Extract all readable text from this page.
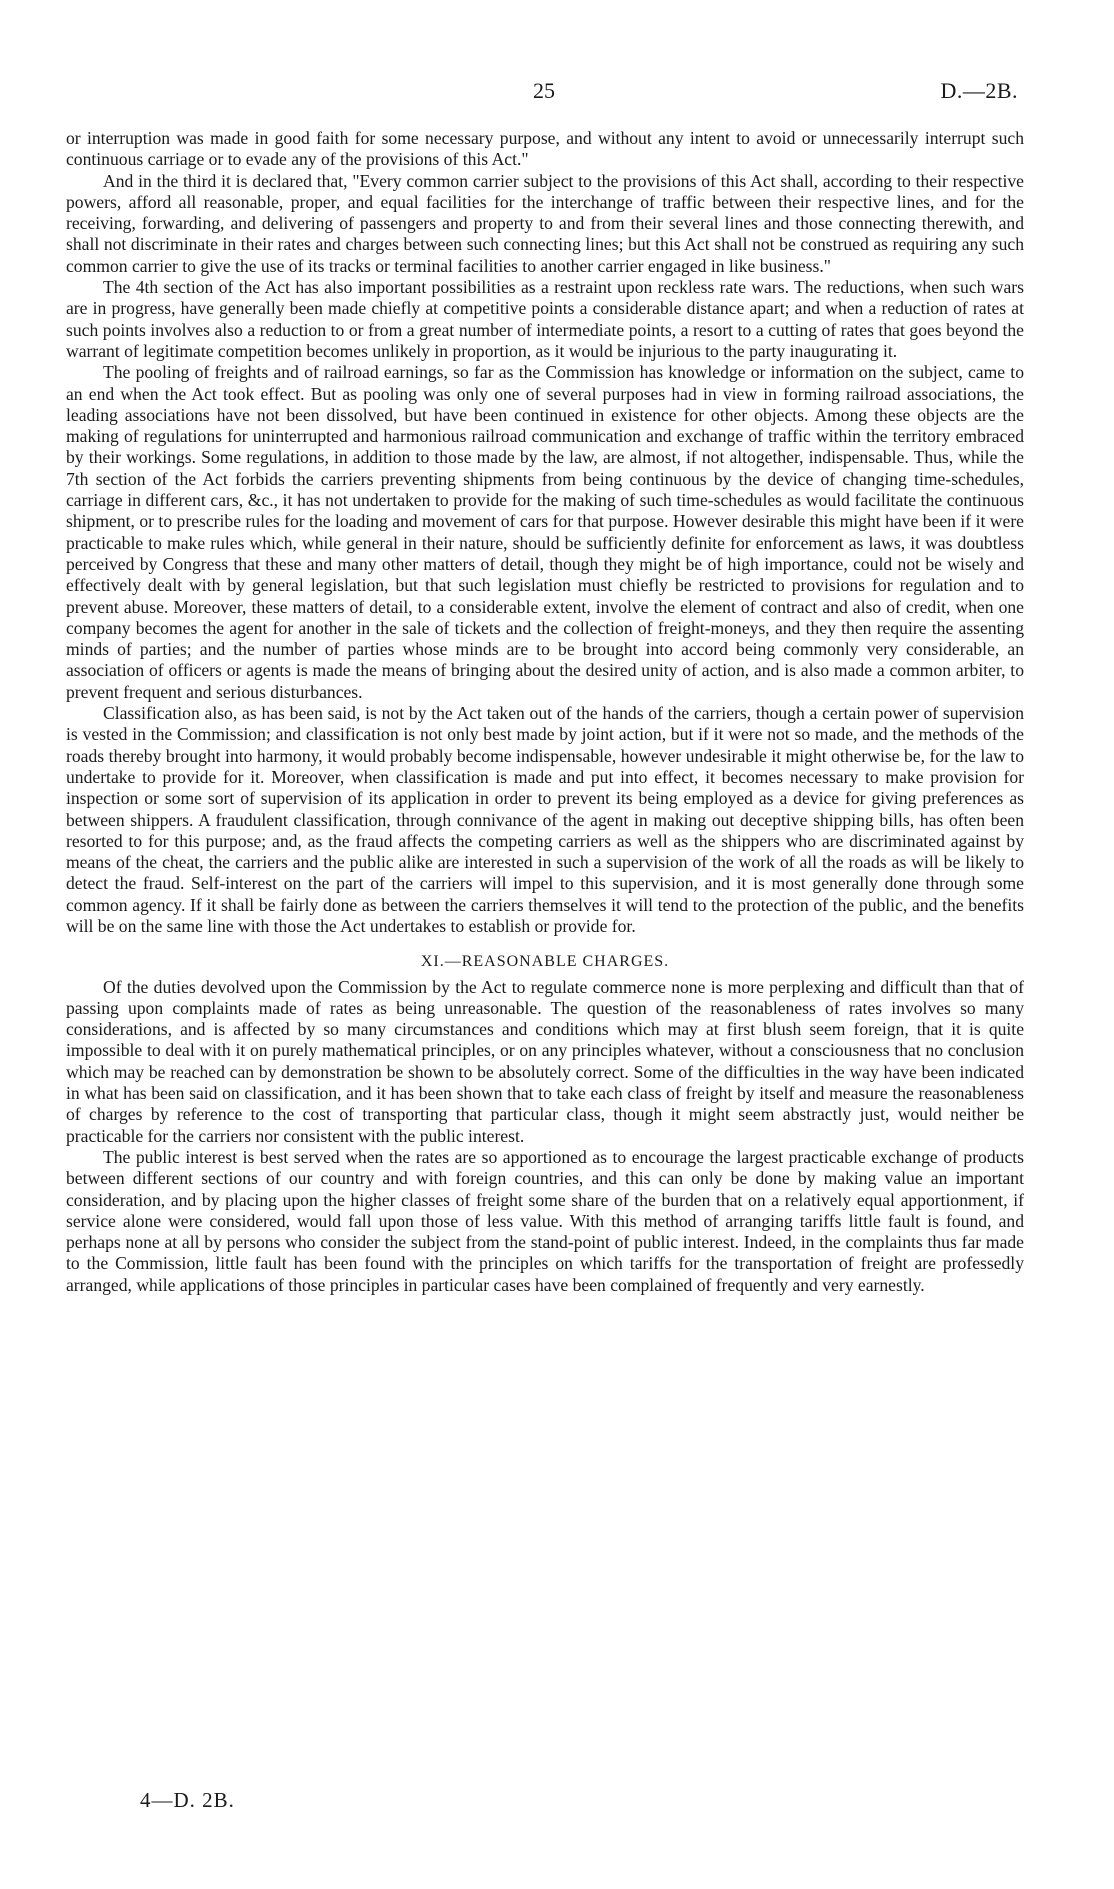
25	D.—2B.

or interruption was made in good faith for some necessary purpose, and without any intent to avoid or unnecessarily interrupt such continuous carriage or to evade any of the provisions of this Act."

And in the third it is declared that, "Every common carrier subject to the provisions of this Act shall, according to their respective powers, afford all reasonable, proper, and equal facilities for the interchange of traffic between their respective lines, and for the receiving, forwarding, and delivering of passengers and property to and from their several lines and those connecting therewith, and shall not discriminate in their rates and charges between such connecting lines; but this Act shall not be construed as requiring any such common carrier to give the use of its tracks or terminal facilities to another carrier engaged in like business."

The 4th section of the Act has also important possibilities as a restraint upon reckless rate wars. The reductions, when such wars are in progress, have generally been made chiefly at competitive points a considerable distance apart; and when a reduction of rates at such points involves also a reduction to or from a great number of intermediate points, a resort to a cutting of rates that goes beyond the warrant of legitimate competition becomes unlikely in proportion, as it would be injurious to the party inaugurating it.

The pooling of freights and of railroad earnings, so far as the Commission has knowledge or information on the subject, came to an end when the Act took effect. But as pooling was only one of several purposes had in view in forming railroad associations, the leading associations have not been dissolved, but have been continued in existence for other objects. Among these objects are the making of regulations for uninterrupted and harmonious railroad communication and exchange of traffic within the territory embraced by their workings. Some regulations, in addition to those made by the law, are almost, if not altogether, indispensable. Thus, while the 7th section of the Act forbids the carriers preventing shipments from being continuous by the device of changing time-schedules, carriage in different cars, &c., it has not undertaken to provide for the making of such time-schedules as would facilitate the continuous shipment, or to prescribe rules for the loading and movement of cars for that purpose. However desirable this might have been if it were practicable to make rules which, while general in their nature, should be sufficiently definite for enforcement as laws, it was doubtless perceived by Congress that these and many other matters of detail, though they might be of high importance, could not be wisely and effectively dealt with by general legislation, but that such legislation must chiefly be restricted to provisions for regulation and to prevent abuse. Moreover, these matters of detail, to a considerable extent, involve the element of contract and also of credit, when one company becomes the agent for another in the sale of tickets and the collection of freight-moneys, and they then require the assenting minds of parties; and the number of parties whose minds are to be brought into accord being commonly very considerable, an association of officers or agents is made the means of bringing about the desired unity of action, and is also made a common arbiter, to prevent frequent and serious disturbances.

Classification also, as has been said, is not by the Act taken out of the hands of the carriers, though a certain power of supervision is vested in the Commission; and classification is not only best made by joint action, but if it were not so made, and the methods of the roads thereby brought into harmony, it would probably become indispensable, however undesirable it might otherwise be, for the law to undertake to provide for it. Moreover, when classification is made and put into effect, it becomes necessary to make provision for inspection or some sort of supervision of its application in order to prevent its being employed as a device for giving preferences as between shippers. A fraudulent classification, through connivance of the agent in making out deceptive shipping bills, has often been resorted to for this purpose; and, as the fraud affects the competing carriers as well as the shippers who are discriminated against by means of the cheat, the carriers and the public alike are interested in such a supervision of the work of all the roads as will be likely to detect the fraud. Self-interest on the part of the carriers will impel to this supervision, and it is most generally done through some common agency. If it shall be fairly done as between the carriers themselves it will tend to the protection of the public, and the benefits will be on the same line with those the Act undertakes to establish or provide for.

XI.—REASONABLE CHARGES.

Of the duties devolved upon the Commission by the Act to regulate commerce none is more perplexing and difficult than that of passing upon complaints made of rates as being unreasonable. The question of the reasonableness of rates involves so many considerations, and is affected by so many circumstances and conditions which may at first blush seem foreign, that it is quite impossible to deal with it on purely mathematical principles, or on any principles whatever, without a consciousness that no conclusion which may be reached can by demonstration be shown to be absolutely correct. Some of the difficulties in the way have been indicated in what has been said on classification, and it has been shown that to take each class of freight by itself and measure the reasonableness of charges by reference to the cost of transporting that particular class, though it might seem abstractly just, would neither be practicable for the carriers nor consistent with the public interest.

The public interest is best served when the rates are so apportioned as to encourage the largest practicable exchange of products between different sections of our country and with foreign countries, and this can only be done by making value an important consideration, and by placing upon the higher classes of freight some share of the burden that on a relatively equal apportionment, if service alone were considered, would fall upon those of less value. With this method of arranging tariffs little fault is found, and perhaps none at all by persons who consider the subject from the stand-point of public interest. Indeed, in the complaints thus far made to the Commission, little fault has been found with the principles on which tariffs for the transportation of freight are professedly arranged, while applications of those principles in particular cases have been complained of frequently and very earnestly.

4—D. 2B.
